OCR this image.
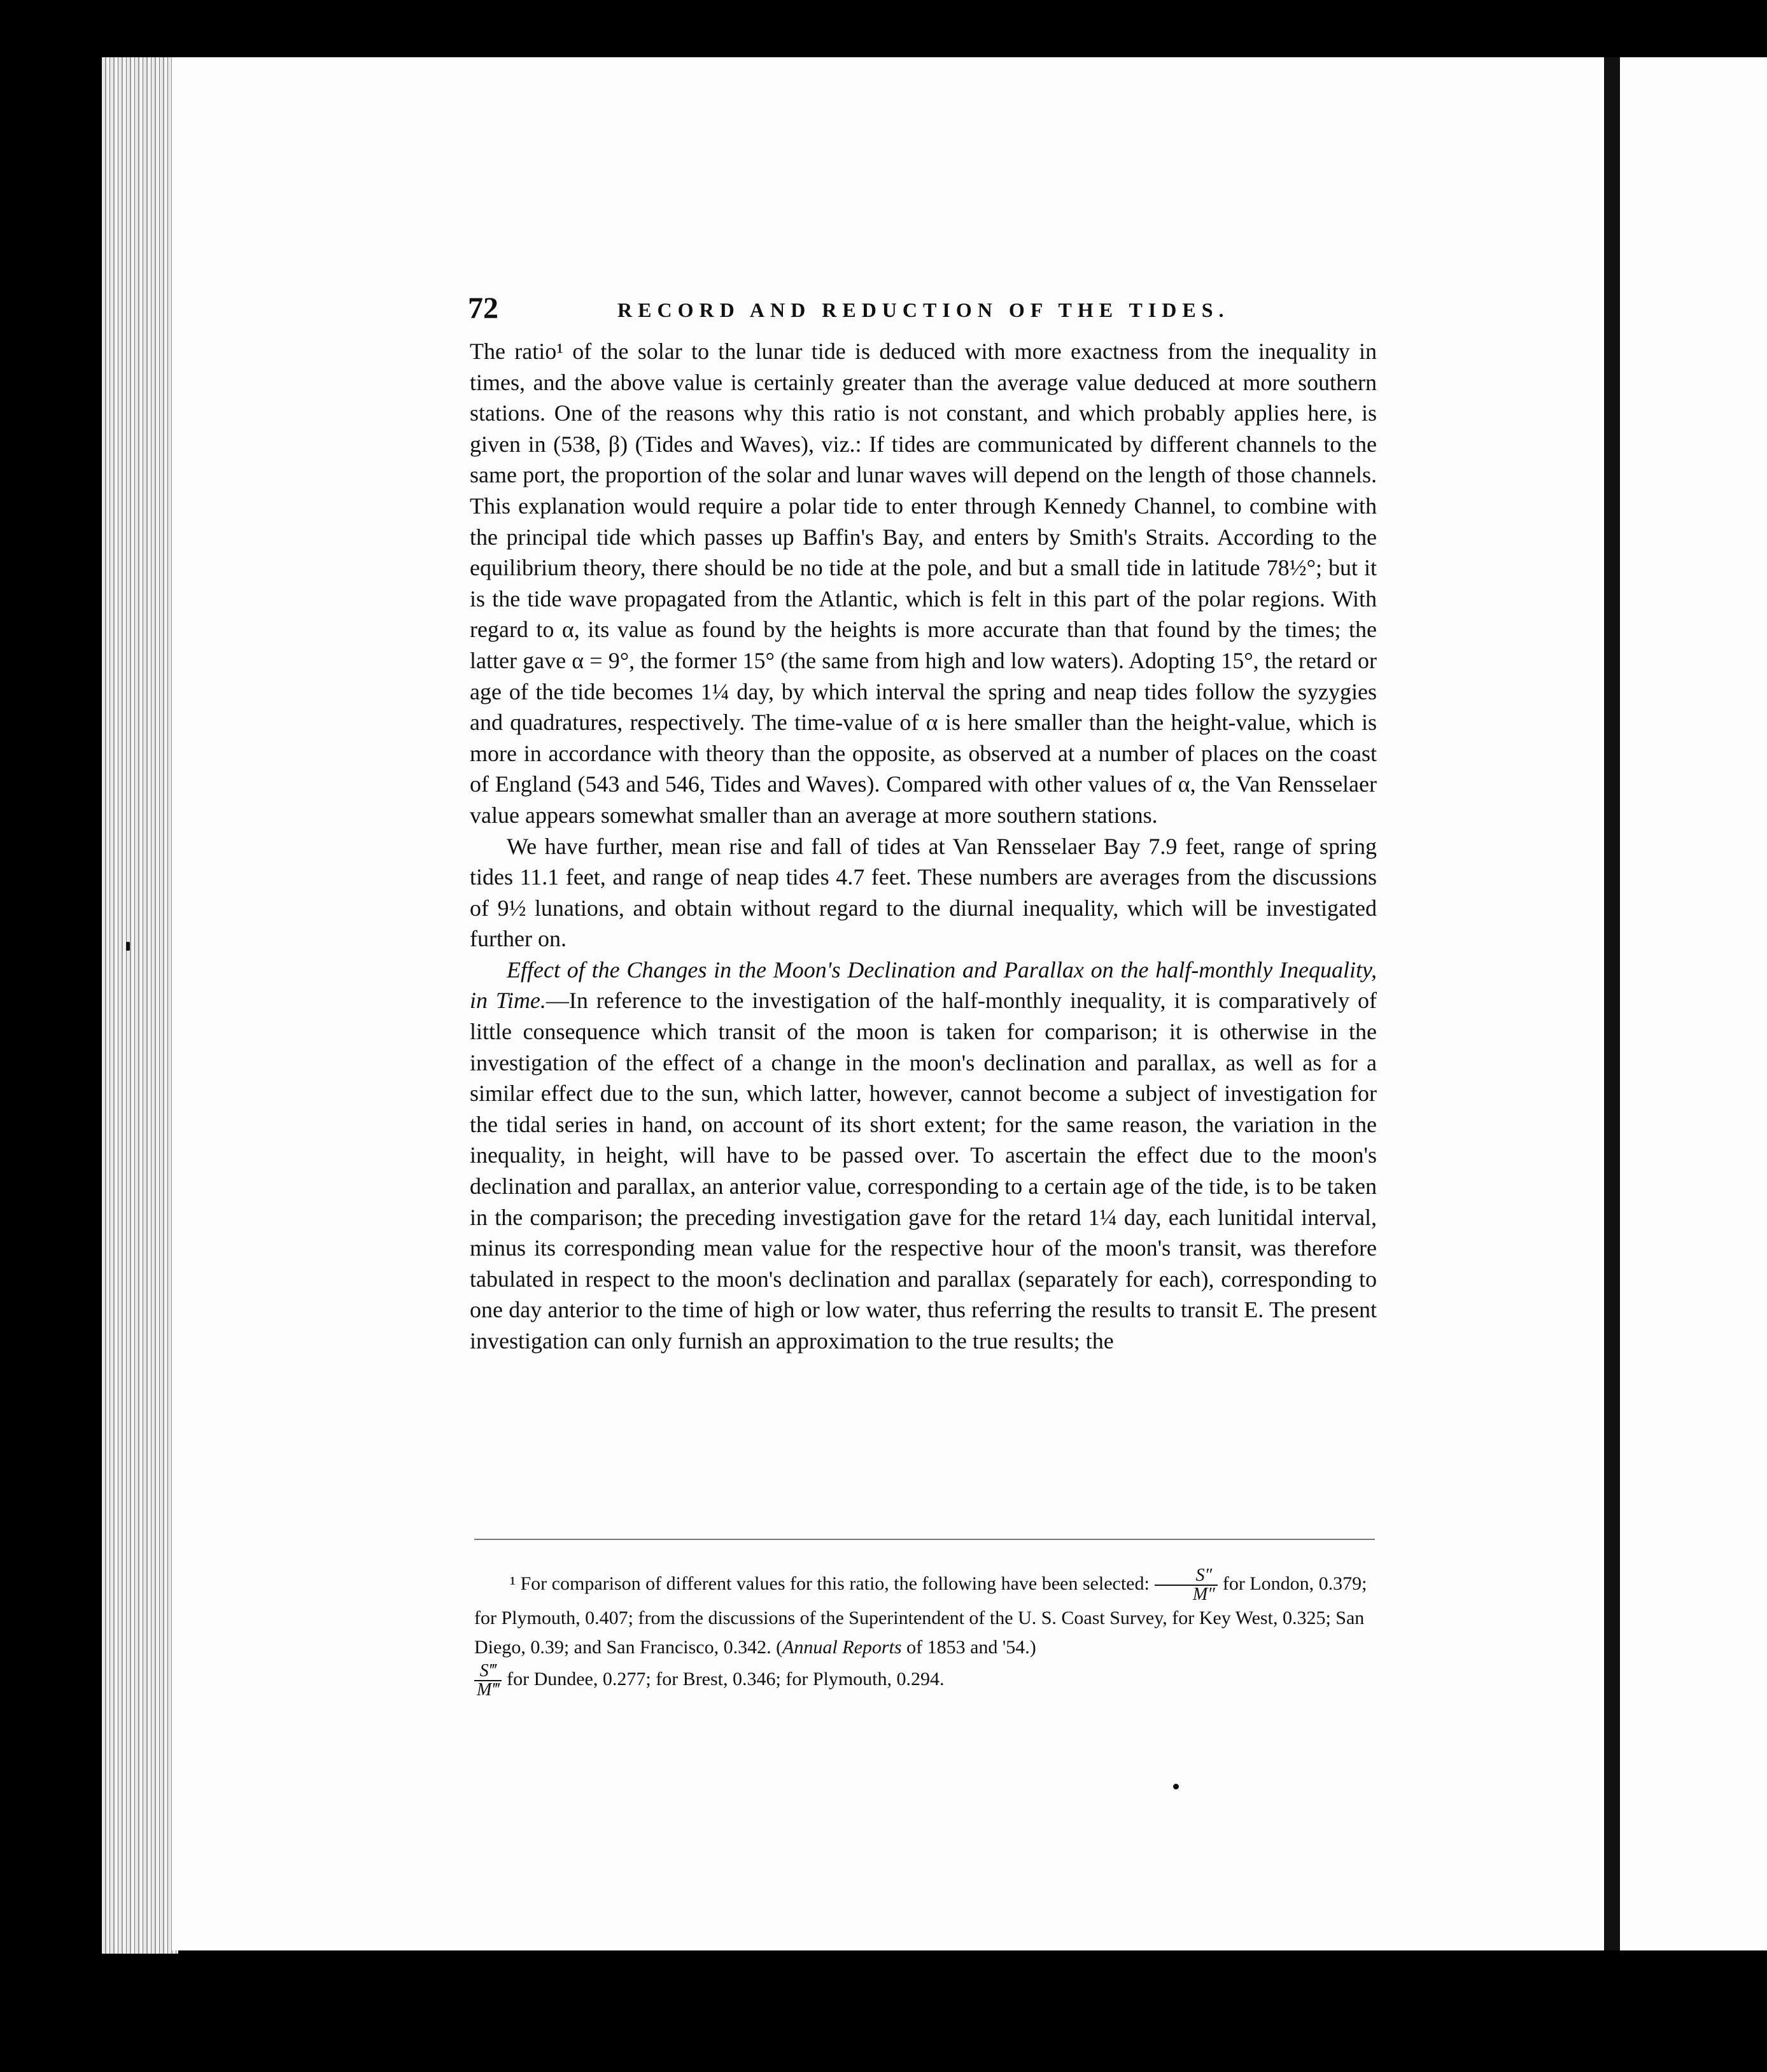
72	RECORD AND REDUCTION OF THE TIDES.

The ratio¹ of the solar to the lunar tide is deduced with more exactness from the inequality in times, and the above value is certainly greater than the average value deduced at more southern stations. One of the reasons why this ratio is not constant, and which probably applies here, is given in (538, β) (Tides and Waves), viz.: If tides are communicated by different channels to the same port, the proportion of the solar and lunar waves will depend on the length of those channels. This explanation would require a polar tide to enter through Kennedy Channel, to combine with the principal tide which passes up Baffin's Bay, and enters by Smith's Straits. According to the equilibrium theory, there should be no tide at the pole, and but a small tide in latitude 78½°; but it is the tide wave propagated from the Atlantic, which is felt in this part of the polar regions. With regard to α, its value as found by the heights is more accurate than that found by the times; the latter gave α = 9°, the former 15° (the same from high and low waters). Adopting 15°, the retard or age of the tide becomes 1¼ day, by which interval the spring and neap tides follow the syzygies and quadratures, respectively. The time-value of α is here smaller than the height-value, which is more in accordance with theory than the opposite, as observed at a number of places on the coast of England (543 and 546, Tides and Waves). Compared with other values of α, the Van Rensselaer value appears somewhat smaller than an average at more southern stations.

We have further, mean rise and fall of tides at Van Rensselaer Bay 7.9 feet, range of spring tides 11.1 feet, and range of neap tides 4.7 feet. These numbers are averages from the discussions of 9½ lunations, and obtain without regard to the diurnal inequality, which will be investigated further on.

Effect of the Changes in the Moon's Declination and Parallax on the half-monthly Inequality, in Time.—In reference to the investigation of the half-monthly inequality, it is comparatively of little consequence which transit of the moon is taken for comparison; it is otherwise in the investigation of the effect of a change in the moon's declination and parallax, as well as for a similar effect due to the sun, which latter, however, cannot become a subject of investigation for the tidal series in hand, on account of its short extent; for the same reason, the variation in the inequality, in height, will have to be passed over. To ascertain the effect due to the moon's declination and parallax, an anterior value, corresponding to a certain age of the tide, is to be taken in the comparison; the preceding investigation gave for the retard 1¼ day, each lunitidal interval, minus its corresponding mean value for the respective hour of the moon's transit, was therefore tabulated in respect to the moon's declination and parallax (separately for each), corresponding to one day anterior to the time of high or low water, thus referring the results to transit E. The present investigation can only furnish an approximation to the true results; the

¹ For comparison of different values for this ratio, the following have been selected: $\frac{S''}{M''}$ for London, 0.379; for Plymouth, 0.407; from the discussions of the Superintendent of the U. S. Coast Survey, for Key West, 0.325; San Diego, 0.39; and San Francisco, 0.342. (Annual Reports of 1853 and '54.)

$\frac{S‴}{M‴}$ for Dundee, 0.277; for Brest, 0.346; for Plymouth, 0.294.
